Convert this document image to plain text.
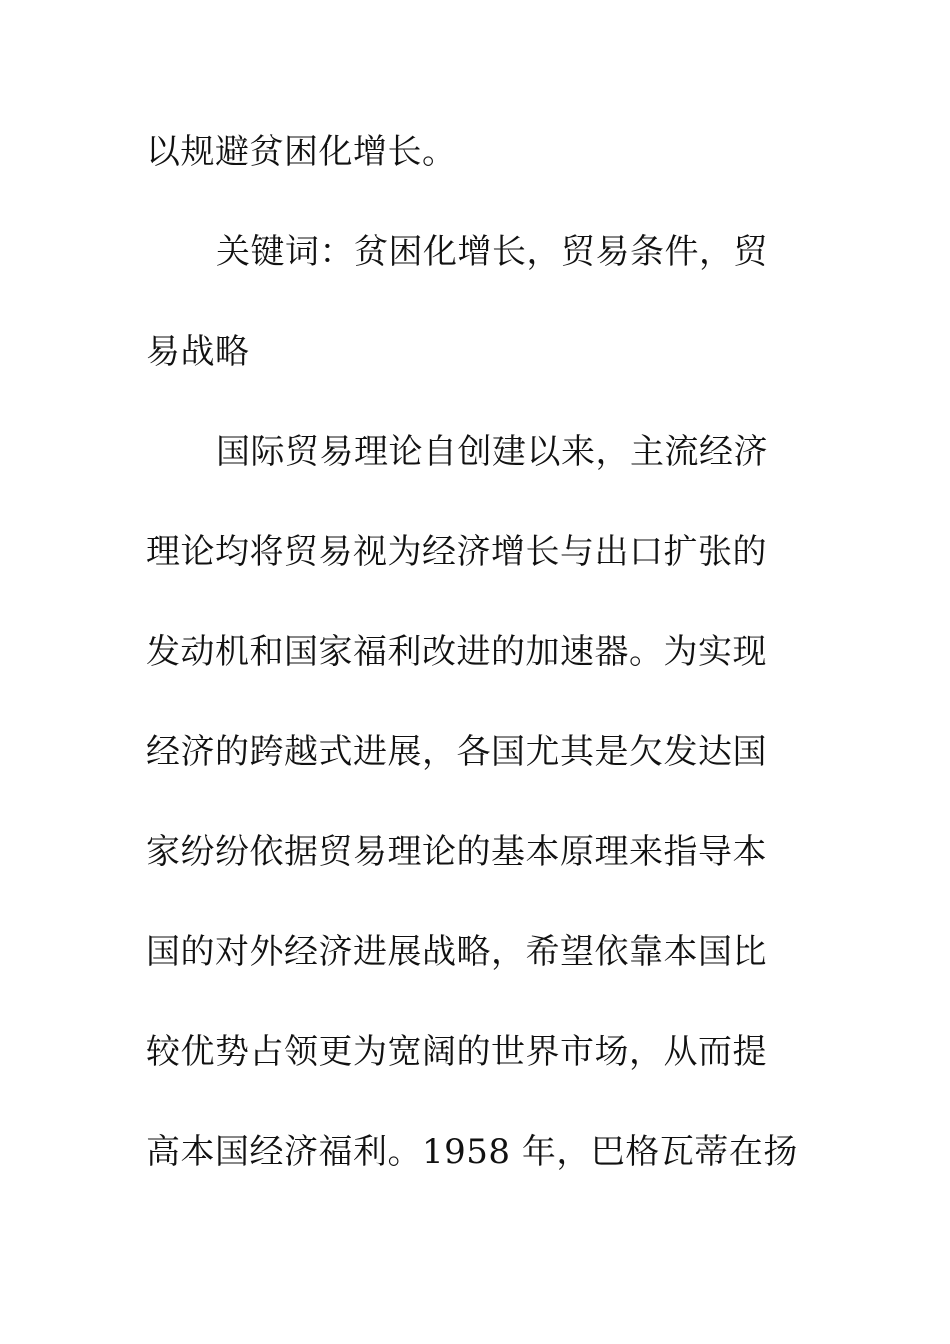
以规避贫困化增长。
关键词：贫困化增长，贸易条件，贸
易战略
国际贸易理论自创建以来，主流经济
理论均将贸易视为经济增长与出口扩张的
发动机和国家福利改进的加速器。为实现
经济的跨越式进展，各国尤其是欠发达国
家纷纷依据贸易理论的基本原理来指导本
国的对外经济进展战略，希望依靠本国比
较优势占领更为宽阔的世界市场，从而提
高本国经济福利。1958 年，巴格瓦蒂在扬
